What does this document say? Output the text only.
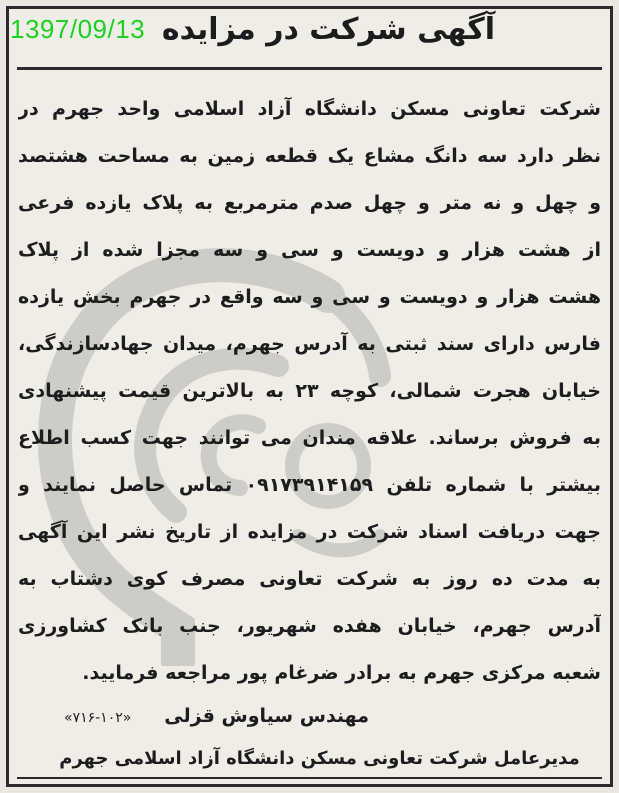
1397/09/13 آگهی شرکت در مزایده
شرکت تعاونی مسکن دانشگاه آزاد اسلامی واحد جهرم در
نظر دارد سه دانگ مشاع یک قطعه زمین به مساحت هشتصد
و چهل و نه متر و چهل صدم مترمربع به پلاک یازده فرعی
از هشت هزار و دویست و سی و سه مجزا شده از پلاک
هشت هزار و دویست و سی و سه واقع در جهرم بخش یازده
فارس دارای سند ثبتی به آدرس جهرم، میدان جهادسازندگی،
خیابان هجرت شمالی، کوچه ۲۳ به بالاترین قیمت پیشنهادی
به فروش برساند. علاقه مندان می توانند جهت کسب اطلاع
بیشتر با شماره تلفن ۰۹۱۷۳۹۱۴۱۵۹ تماس حاصل نمایند و
جهت دریافت اسناد شرکت در مزایده از تاریخ نشر این آگهی
به مدت ده روز به شرکت تعاونی مصرف کوی دشتاب به
آدرس جهرم، خیابان هفده شهریور، جنب بانک کشاورزی
شعبه مرکزی جهرم به برادر ضرغام پور مراجعه فرمایید.
مهندس سیاوش قزلی
«۷۱۶-۱۰۲»
مدیرعامل شرکت تعاونی مسکن دانشگاه آزاد اسلامی جهرم
